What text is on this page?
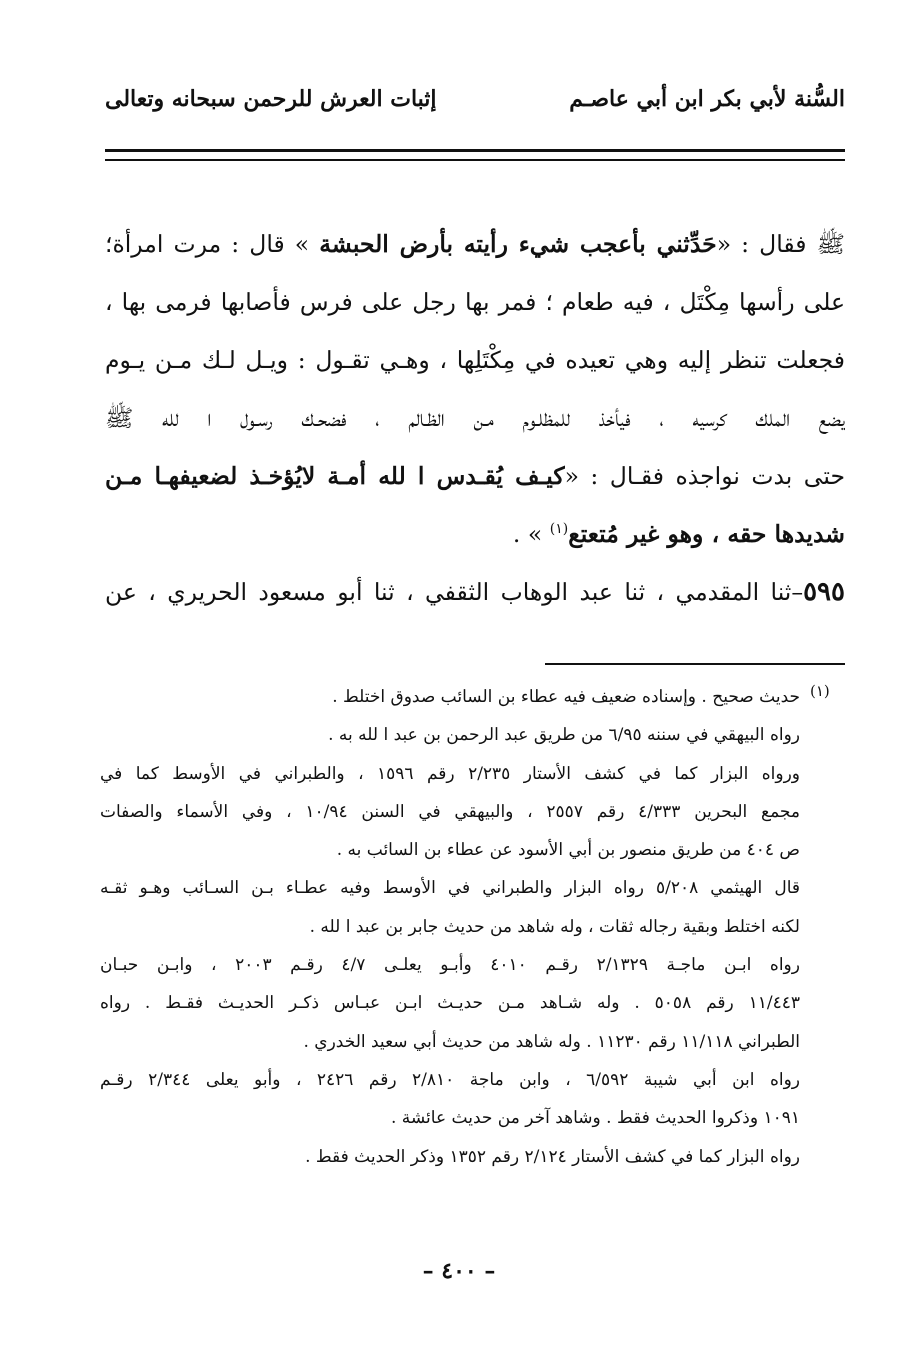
السُّنة لأبي بكر ابن أبي عاصـم
إثبات العرش للرحمن سبحانه وتعالى
ﷺ فقال : «حَدِّثني بأعجب شيء رأيته بأرض الحبشة » قال : مرت امرأة؛
على رأسها مِكْتَل ، فيه طعام ؛ فمر بها رجل على فرس فأصابها فرمى بها ،
فجعلت تنظر إليه وهي تعيده في مِكْتَلِها ، وهـي تقـول : ويـل لـك مـن يـوم
يضع الملك كرسيه ، فيأخذ للمظلـوم مـن الظـالم ، فضحـك رسـول ا لله ﷺ
حتى بدت نواجذه فقـال : «كيـف يُقـدس ا لله أمـة لايُؤخـذ لضعيفهـا مـن
شديدها حقه ، وهو غير مُتعتع$^{(١)}$ » .
٥٩٥–ثنا المقدمي ، ثنا عبد الوهاب الثقفي ، ثنا أبو مسعود الحريري ، عن
(١)
حديث صحيح . وإسناده ضعيف فيه عطاء بن السائب صدوق اختلط .
رواه البيهقي في سننه ٦/٩٥ من طريق عبد الرحمن بن عبد ا لله به .
ورواه البزار كما في كشف الأستار ٢/٢٣٥ رقم ١٥٩٦ ، والطبراني في الأوسط كما في
مجمع البحرين ٤/٣٣٣ رقم ٢٥٥٧ ، والبيهقي في السنن ١٠/٩٤ ، وفي الأسماء والصفات
ص ٤٠٤ من طريق منصور بن أبي الأسود عن عطاء بن السائب به .
قال الهيثمي ٥/٢٠٨ رواه البزار والطبراني في الأوسط وفيه عطـاء بـن السـائب وهـو ثقـه
لكنه اختلط وبقية رجاله ثقات ، وله شاهد من حديث جابر بن عبد ا لله .
رواه ابـن ماجـة ٢/١٣٢٩ رقـم ٤٠١٠ وأبـو يعلـى ٤/٧ رقـم ٢٠٠٣ ، وابـن حبـان
١١/٤٤٣ رقم ٥٠٥٨ . وله شـاهد مـن حديـث ابـن عبـاس ذكـر الحديـث فقـط . رواه
الطبراني ١١/١١٨ رقم ١١٢٣٠ . وله شاهد من حديث أبي سعيد الخدري .
رواه ابن أبي شيبة ٦/٥٩٢ ، وابن ماجة ٢/٨١٠ رقم ٢٤٢٦ ، وأبو يعلى ٢/٣٤٤ رقـم
١٠٩١ وذكروا الحديث فقط . وشاهد آخر من حديث عائشة .
رواه البزار كما في كشف الأستار ٢/١٢٤ رقم ١٣٥٢ وذكر الحديث فقط .
– ٤٠٠ –
